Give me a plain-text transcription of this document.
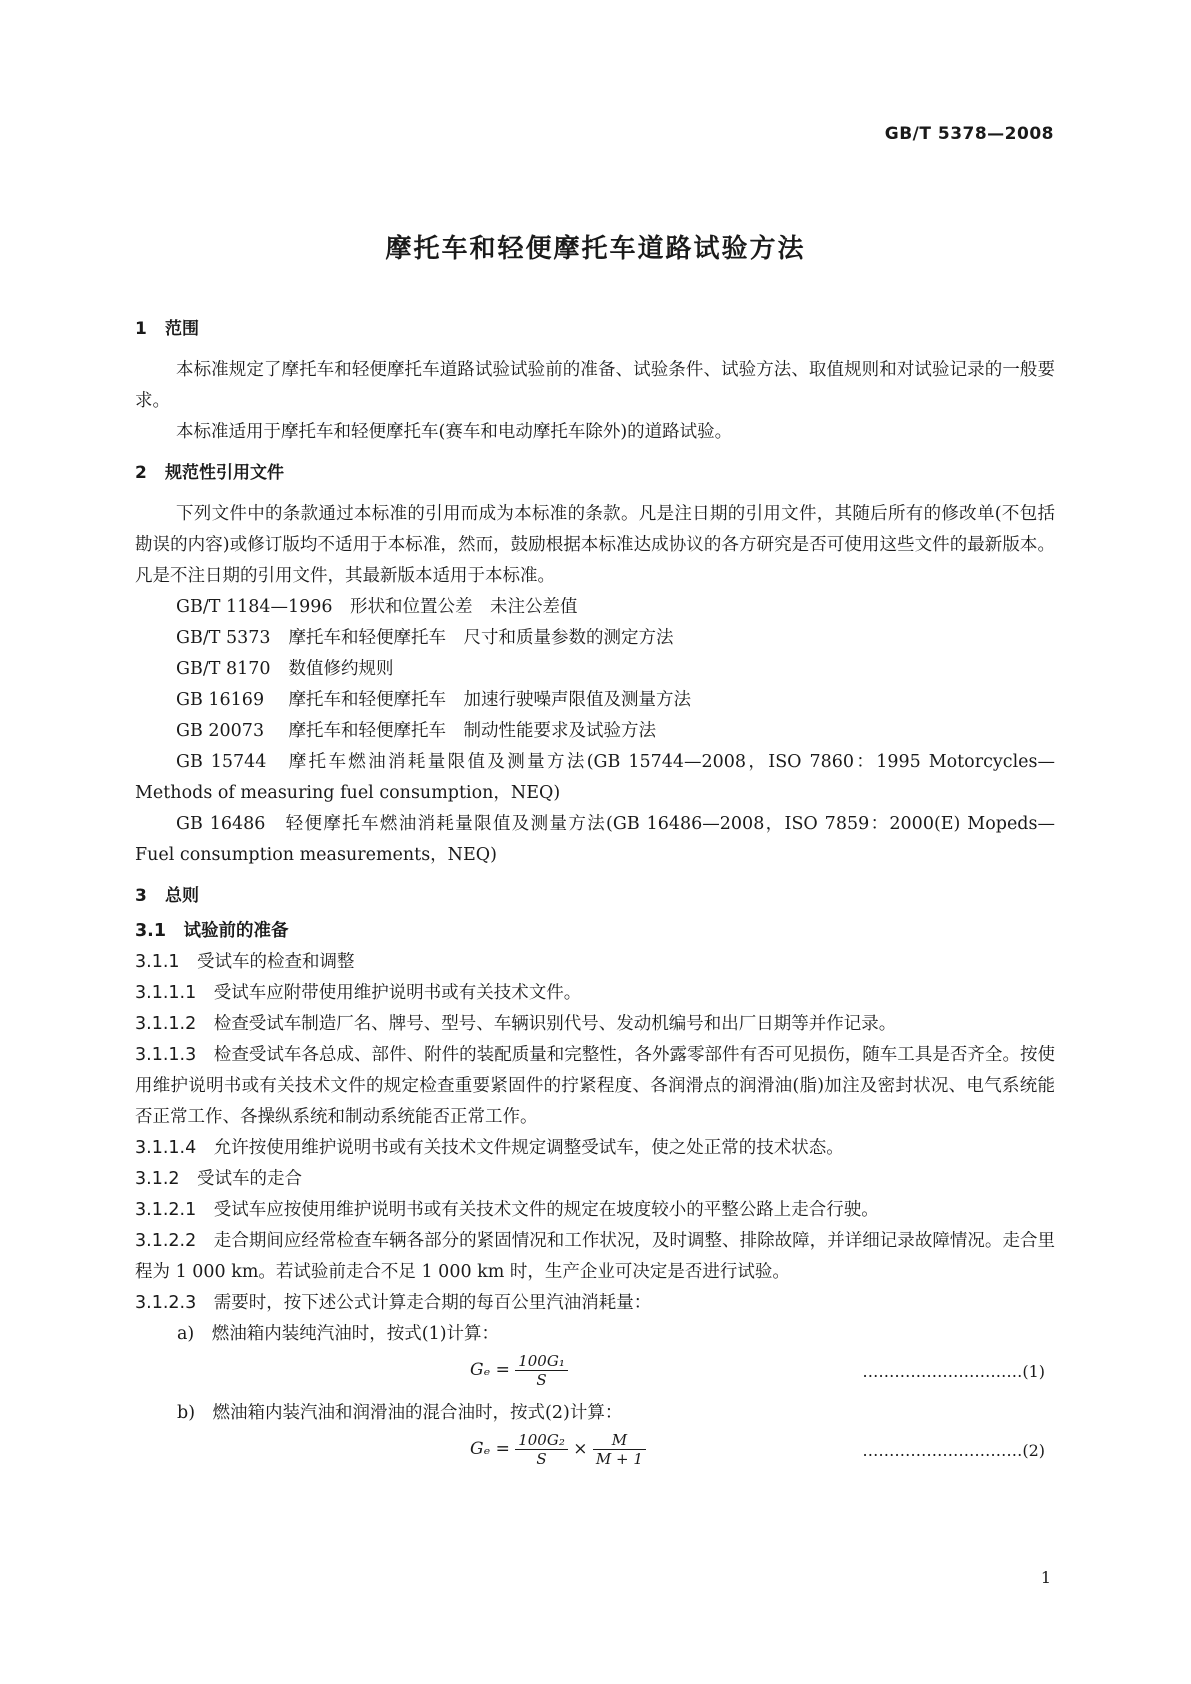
GB/T 5378—2008
摩托车和轻便摩托车道路试验方法

1 范围

本标准规定了摩托车和轻便摩托车道路试验试验前的准备、试验条件、试验方法、取值规则和对试验记录的一般要求。

本标准适用于摩托车和轻便摩托车(赛车和电动摩托车除外)的道路试验。

2 规范性引用文件

下列文件中的条款通过本标准的引用而成为本标准的条款。凡是注日期的引用文件，其随后所有的修改单(不包括勘误的内容)或修订版均不适用于本标准，然而，鼓励根据本标准达成协议的各方研究是否可使用这些文件的最新版本。凡是不注日期的引用文件，其最新版本适用于本标准。

GB/T 1184—1996　 形状和位置公差　未注公差值

GB/T 5373　 摩托车和轻便摩托车　尺寸和质量参数的测定方法

GB/T 8170　 数值修约规则

GB 16169　 摩托车和轻便摩托车　加速行驶噪声限值及测量方法

GB 20073　 摩托车和轻便摩托车　制动性能要求及试验方法

GB 15744　 摩托车燃油消耗量限值及测量方法(GB 15744—2008，ISO 7860：1995 Motorcycles—Methods of measuring fuel consumption，NEQ)

GB 16486　 轻便摩托车燃油消耗量限值及测量方法(GB 16486—2008，ISO 7859：2000(E) Mopeds—Fuel consumption measurements，NEQ)

3 总则

3.1　 试验前的准备

3.1.1　 受试车的检查和调整

3.1.1.1　 受试车应附带使用维护说明书或有关技术文件。

3.1.1.2　 检查受试车制造厂名、牌号、型号、车辆识别代号、发动机编号和出厂日期等并作记录。

3.1.1.3　 检查受试车各总成、部件、附件的装配质量和完整性，各外露零部件有否可见损伤，随车工具是否齐全。按使用维护说明书或有关技术文件的规定检查重要紧固件的拧紧程度、各润滑点的润滑油(脂)加注及密封状况、电气系统能否正常工作、各操纵系统和制动系统能否正常工作。

3.1.1.4　 允许按使用维护说明书或有关技术文件规定调整受试车，使之处正常的技术状态。

3.1.2　 受试车的走合

3.1.2.1　 受试车应按使用维护说明书或有关技术文件的规定在坡度较小的平整公路上走合行驶。

3.1.2.2　 走合期间应经常检查车辆各部分的紧固情况和工作状况，及时调整、排除故障，并详细记录故障情况。走合里程为 1 000 km。若试验前走合不足 1 000 km 时，生产企业可决定是否进行试验。

3.1.2.3　 需要时，按下述公式计算走合期的每百公里汽油消耗量：

a)　 燃油箱内装纯汽油时，按式(1)计算：

$G_e = \frac{\text{100G₁}}{S}$	…………………………(1)

b)　 燃油箱内装汽油和润滑油的混合油时，按式(2)计算：

$G_e = \frac{\text{100G₂}}{S} \times \frac{M}{M + 1}$	…………………………(2)
1
